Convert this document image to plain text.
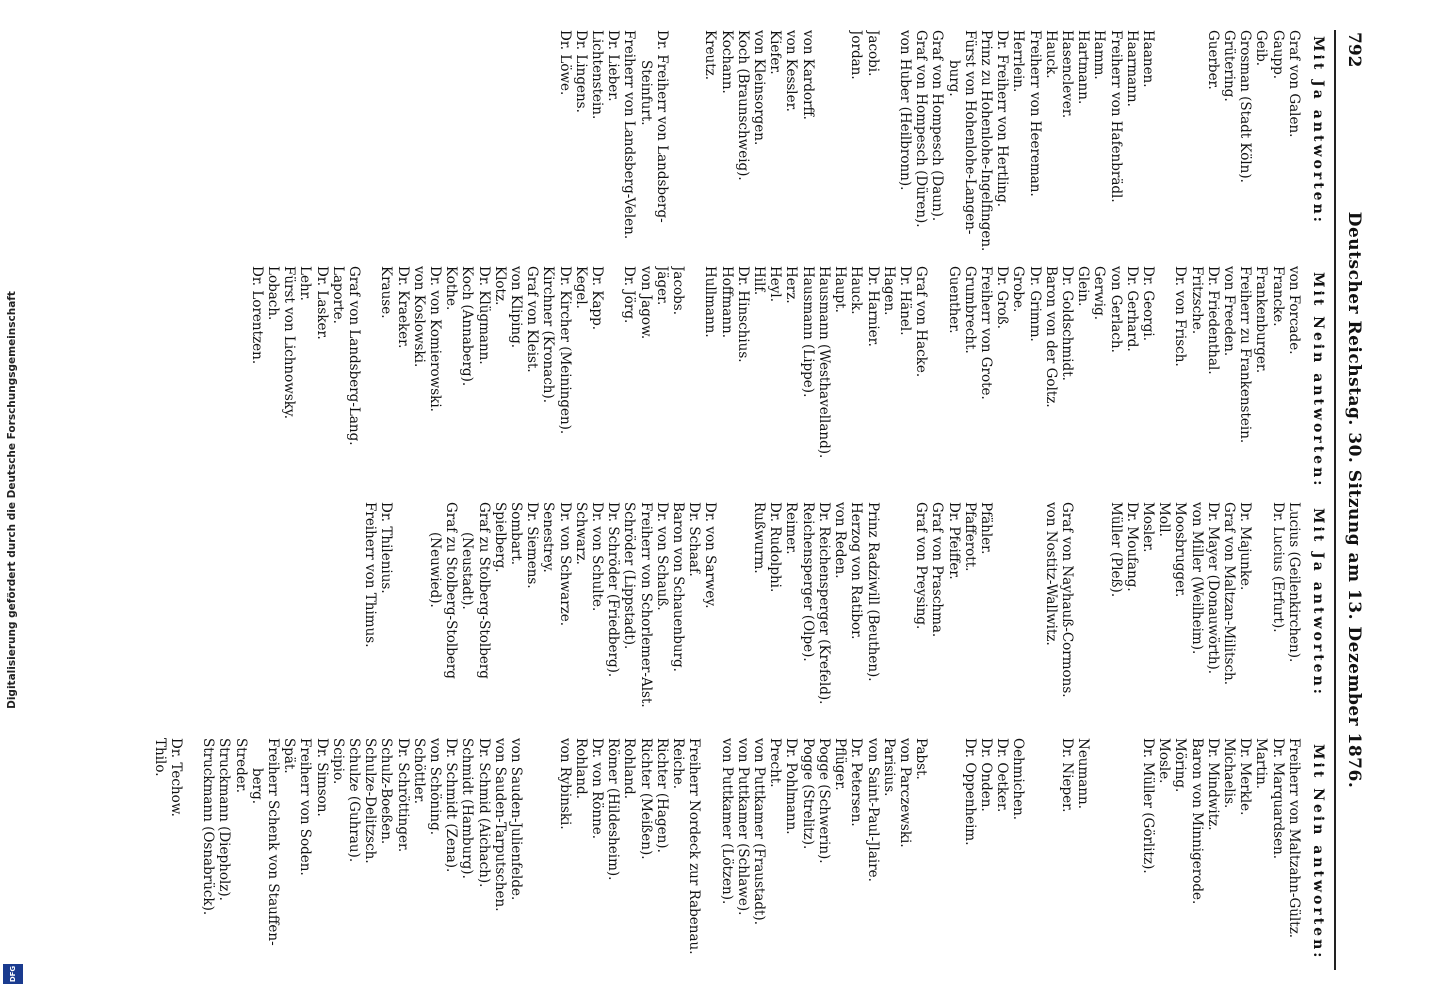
792
Deutscher Reichstag. 30. Sitzung am 13. Dezember 1876.
Mit Ja antworten:
Graf von Galen.
Gaupp.
Geib.
Grosman (Stadt Köln).
Grütering.
Guerber.

Haanen.
Haarmann.
Freiherr von Hafenbrädl.
Hamm.
Hartmann.
Hasenclever.
Hauck.
Freiherr von Heereman.
Herrlein.
Dr. Freiherr von Hertling.
Prinz zu Hohenlohe-Ingelfingen.
Fürst von Hohenlohe-Langen-
burg.
Graf von Hompesch (Daun).
Graf von Hompesch (Düren).
von Huber (Heilbronn).

Jacobi.
Jordan.

von Kardorff.
von Kessler.
Kiefer.
von Kleinsorgen.
Koch (Braunschweig).
Kochann.
Kreutz.

Dr. Freiherr von Landsberg-
Steinfurt.
Freiherr von Landsberg-Velen.
Dr. Lieber.
Lichtenstein.
Dr. Lingens.
Dr. Löwe.
Mit Nein antworten:
von Forcade.
Francke.
Frankenburger.
Freiherr zu Frankenstein.
von Freeden.
Dr. Friedenthal.
Fritzsche.
Dr. von Frisch.

Dr. Georgi.
Dr. Gerhard.
von Gerlach.
Gerwig.
Glein.
Dr. Goldschmidt.
Baron von der Goltz.
Dr. Grimm.
Grobe.
Dr. Groß.
Freiherr von Grote.
Grumbrecht.
Guenther.

Graf von Hacke.
Dr. Hänel.
Hagen.
Dr. Harnier.
Hauck.
Haupt.
Hausmann (Westhavelland).
Hausmann (Lippe).
Herz.
Heyl.
Hilf.
Dr. Hinschius.
Hoffmann.
Hullmann.

Jacobs.
Jäger.
von Jagow.
Dr. Jörg.

Dr. Kapp.
Kegel.
Dr. Kircher (Meiningen).
Kirchner (Kronach).
Graf von Kleist.
von Kliping.
Klotz.
Dr. Klügmann.
Koch (Annaberg).
Kothe.
Dr. von Komierowski.
von Koslowski.
Dr. Kraeker.
Krause.

Graf von Landsberg-Lang.
Laporte.
Dr. Lasker.
Lehr.
Fürst von Lichnowsky.
Lobach.
Dr. Lorentzen.
Mit Ja antworten:
Lucius (Geilenkirchen).
Dr. Lucius (Erfurt).

Dr. Majunke.
Graf von Maltzan-Militsch.
Dr. Mayer (Donauwörth).
von Miller (Weilheim).
Moosbrugger.
Moll.
Mosler.
Dr. Moufang.
Müller (Pleß).

Graf von Nayhauß-Cormons.
von Nostitz-Wallwitz.

Pfähler.
Pfafferott.
Dr. Pfeiffer.
Graf von Praschma.
Graf von Preysing.

Prinz Radziwill (Beuthen).
Herzog von Ratibor.
von Reden.
Dr. Reichensperger (Krefeld).
Reichensperger (Olpe).
Reimer.
Dr. Rudolphi.
Rußwurm.

Dr. von Sarwey.
Dr. Schaaf.
Baron von Schauenburg.
Dr. von Schauß.
Freiherr von Schorlemer-Alst.
Schröder (Lippstadt).
Dr. Schröder (Friedberg).
Dr. von Schulte.
Schwarz.
Dr. von Schwarze.
Senestrey.
Dr. Siemens.
Sombart.
Spielberg.
Graf zu Stolberg-Stolberg
(Neustadt).
Graf zu Stolberg-Stolberg
(Neuwied).

Dr. Thilenius.
Freiherr von Thimus.
Mit Nein antworten:
Freiherr von Maltzahn-Gültz.
Dr. Marquardsen.
Martin.
Dr. Merkle.
Michaelis.
Dr. Mindwitz.
Baron von Minnigerode.
Möring.
Mosle.
Dr. Müller (Görlitz).

Neumann.
Dr. Nieper.

Oehmichen.
Dr. Oetker.
Dr. Onden.
Dr. Oppenheim.

Pabst.
von Parczewski.
Parisius.
von Saint-Paul-Jlaire.
Dr. Petersen.
Pflüger.
Pogge (Schwerin).
Pogge (Strelitz).
Dr. Pohlmann.
Precht.
von Puttkamer (Fraustadt).
von Puttkamer (Schlawe).
von Puttkamer (Lötzen).

Freiherr Nordeck zur Rabenau.
Reiche.
Richter (Hagen).
Richter (Meißen).
Rohland.
Römer (Hildesheim).
Dr. von Rönne.
Rohland.
von Rybinski.

von Sauden-Julienfelde.
von Sauden-Tarputschen.
Dr. Schmid (Aichach).
Schmidt (Hamburg).
Dr. Schmidt (Zena).
von Schöning.
Schöttler.
Dr. Schröttinger.
Schulz-Boeßen.
Schulze-Delitzsch.
Schulze (Guhrau).
Scipio.
Dr. Simson.
Freiherr von Soden.
Spät.
Freiherr Schenk von Stauffen-
berg.
Streder.
Struckmann (Diepholz).
Struckmann (Osnabrück).

Dr. Techow.
Thilo.
Digitalisierung gefördert durch die Deutsche Forschungsgemeinschaft
DFG
